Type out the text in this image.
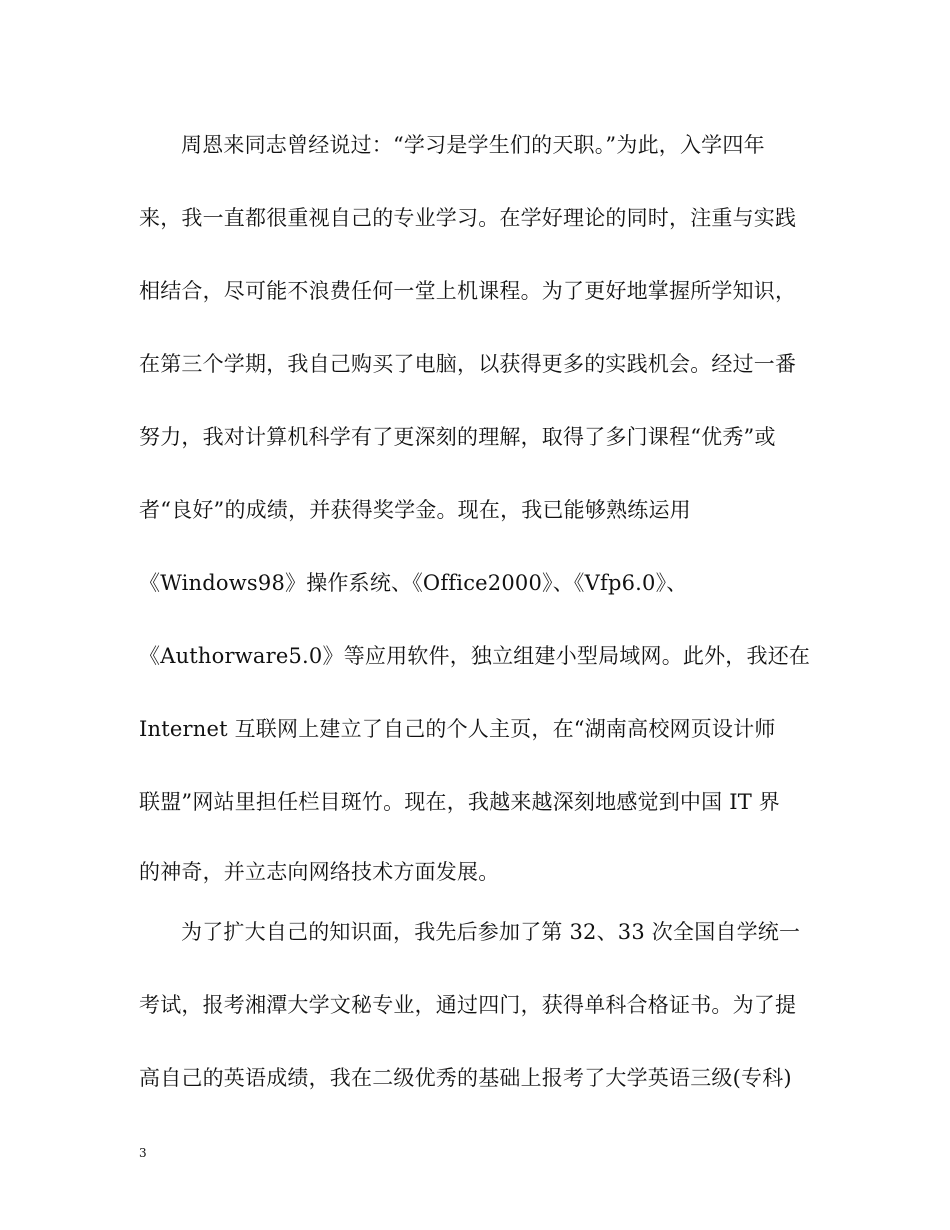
周恩来同志曾经说过：“学习是学生们的天职。”为此，入学四年
来，我一直都很重视自己的专业学习。在学好理论的同时，注重与实践
相结合，尽可能不浪费任何一堂上机课程。为了更好地掌握所学知识，
在第三个学期，我自己购买了电脑，以获得更多的实践机会。经过一番
努力，我对计算机科学有了更深刻的理解，取得了多门课程“优秀”或
者“良好”的成绩，并获得奖学金。现在，我已能够熟练运用
《Windows98》操作系统、《Office2000》、《Vfp6.0》、
《Authorware5.0》等应用软件，独立组建小型局域网。此外，我还在
Internet 互联网上建立了自己的个人主页，在“湖南高校网页设计师
联盟”网站里担任栏目斑竹。现在，我越来越深刻地感觉到中国 IT 界
的神奇，并立志向网络技术方面发展。
为了扩大自己的知识面，我先后参加了第 32、33 次全国自学统一
考试，报考湘潭大学文秘专业，通过四门，获得单科合格证书。为了提
高自己的英语成绩，我在二级优秀的基础上报考了大学英语三级(专科)
3
